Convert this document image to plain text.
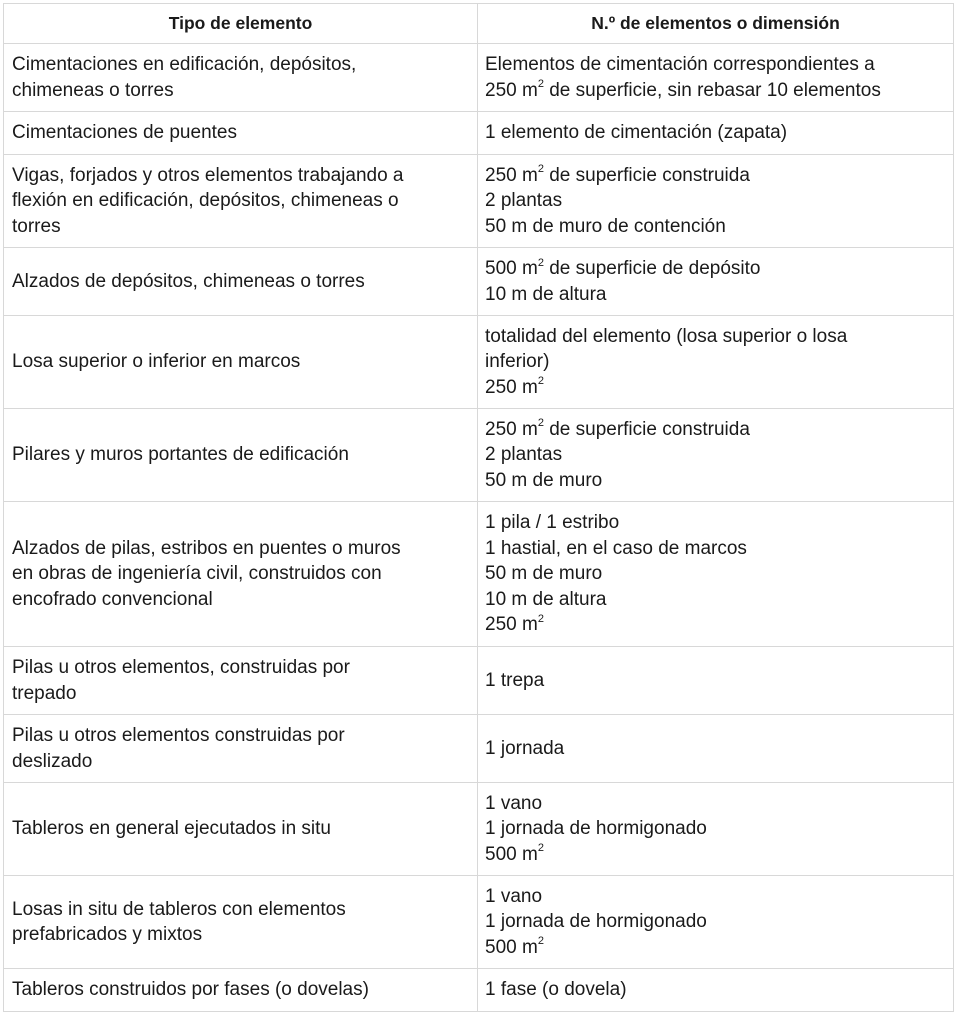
Tipo de elemento	N.º de elementos o dimensión

Cimentaciones en edificación, depósitos,
chimeneas o torres	Elementos de cimentación correspondientes a
250 $m^2$ de superficie, sin rebasar 10 elementos

Cimentaciones de puentes	1 elemento de cimentación (zapata)

Vigas, forjados y otros elementos trabajando a
flexión en edificación, depósitos, chimeneas o
torres	250 $m^2$ de superficie construida
2 plantas
50 m de muro de contención

Alzados de depósitos, chimeneas o torres	500 $m^2$ de superficie de depósito
10 m de altura

Losa superior o inferior en marcos	totalidad del elemento (losa superior o losa
inferior)
250 $m^2$

Pilares y muros portantes de edificación	250 $m^2$ de superficie construida
2 plantas
50 m de muro

Alzados de pilas, estribos en puentes o muros
en obras de ingeniería civil, construidos con
encofrado convencional	1 pila / 1 estribo
1 hastial, en el caso de marcos
50 m de muro
10 m de altura
250 $m^2$

Pilas u otros elementos, construidas por
trepado	1 trepa

Pilas u otros elementos construidas por
deslizado	1 jornada

Tableros en general ejecutados in situ	1 vano
1 jornada de hormigonado
500 $m^2$

Losas in situ de tableros con elementos
prefabricados y mixtos	1 vano
1 jornada de hormigonado
500 $m^2$

Tableros construidos por fases (o dovelas)	1 fase (o dovela)
